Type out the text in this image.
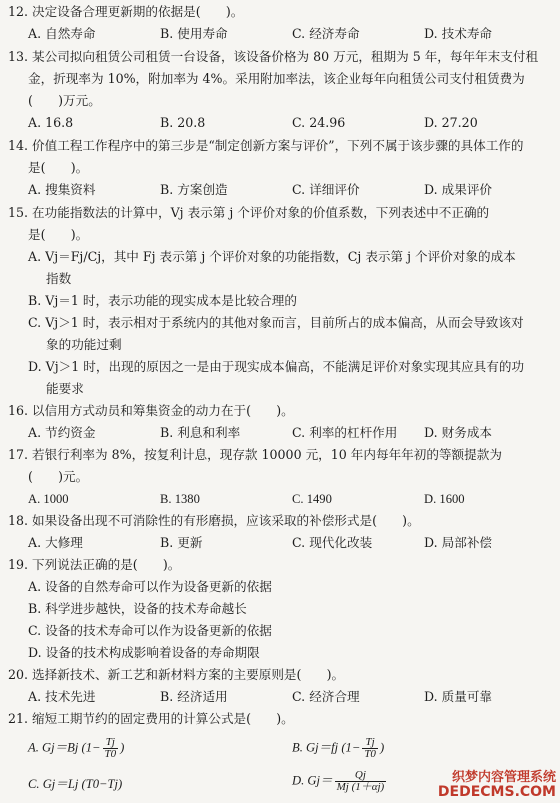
12. 决定设备合理更新期的依据是(　　)。
A. 自然寿命	B. 使用寿命	C. 经济寿命	D. 技术寿命
13. 某公司拟向租赁公司租赁一台设备，该设备价格为 80 万元，租期为 5 年，每年年末支付租
金，折现率为 10%，附加率为 4%。采用附加率法，该企业每年向租赁公司支付租赁费为
(　　)万元。
A. 16.8	B. 20.8	C. 24.96	D. 27.20
14. 价值工程工作程序中的第三步是“制定创新方案与评价”，下列不属于该步骤的具体工作的
是(　　)。
A. 搜集资料	B. 方案创造	C. 详细评价	D. 成果评价
15. 在功能指数法的计算中，Vj 表示第 j 个评价对象的价值系数，下列表述中不正确的
是(　　)。
A. Vj＝Fj/Cj，其中 Fj 表示第 j 个评价对象的功能指数，Cj 表示第 j 个评价对象的成本
指数
B. Vj＝1 时，表示功能的现实成本是比较合理的
C. Vj＞1 时，表示相对于系统内的其他对象而言，目前所占的成本偏高，从而会导致该对
象的功能过剩
D. Vj＞1 时，出现的原因之一是由于现实成本偏高，不能满足评价对象实现其应具有的功
能要求
16. 以信用方式动员和筹集资金的动力在于(　　)。
A. 节约资金	B. 利息和利率	C. 利率的杠杆作用 D. 财务成本
17. 若银行利率为 8%，按复利计息，现存款 10000 元，10 年内每年年初的等额提款为
(　　)元。
A. 1000	B. 1380	C. 1490	D. 1600
18. 如果设备出现不可消除性的有形磨损，应该采取的补偿形式是(　　)。
A. 大修理	B. 更新	C. 现代化改装	D. 局部补偿
19. 下列说法正确的是(　　)。
A. 设备的自然寿命可以作为设备更新的依据
B. 科学进步越快，设备的技术寿命越长
C. 设备的技术寿命可以作为设备更新的依据
D. 设备的技术构成影响着设备的寿命期限
20. 选择新技术、新工艺和新材料方案的主要原则是(　　)。
A. 技术先进	B. 经济适用	C. 经济合理	D. 质量可靠
21. 缩短工期节约的固定费用的计算公式是(　　)。
A. Gj＝Bj ($1- \frac{Tj}{T0}$ )	B. Gj＝fj ($1- \frac{Tj}{T0}$ )
C. Gj＝Lj (T0−Tj)	D. $Gj= \frac{Qj}{Mj (1+\alpha j)}$	织梦内容管理系统
DEDECMS.COM
